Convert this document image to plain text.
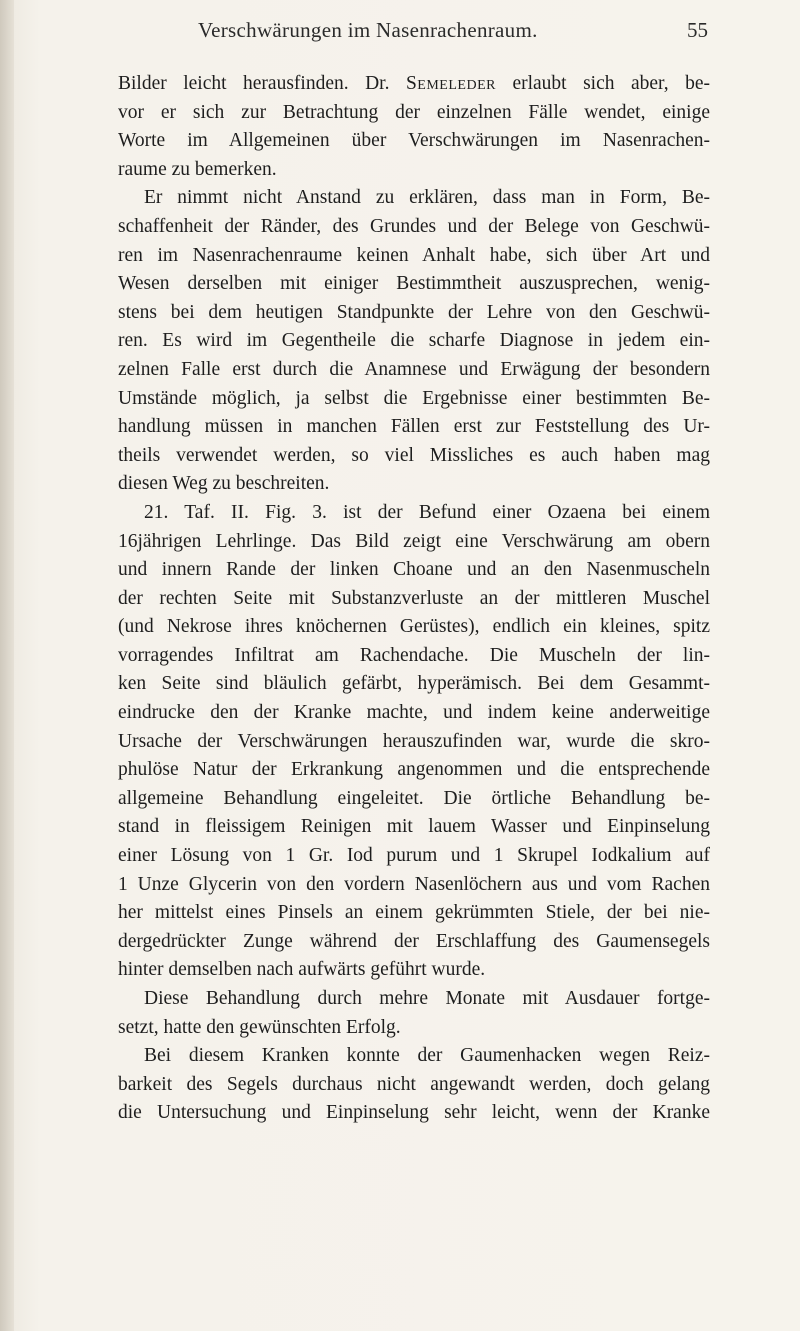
Verschwärungen im Nasenrachenraum.	55
Bilder leicht herausfinden. Dr. Semeleder erlaubt sich aber, be-
vor er sich zur Betrachtung der einzelnen Fälle wendet, einige
Worte im Allgemeinen über Verschwärungen im Nasenrachen-
raume zu bemerken.
Er nimmt nicht Anstand zu erklären, dass man in Form, Be-
schaffenheit der Ränder, des Grundes und der Belege von Geschwü-
ren im Nasenrachenraume keinen Anhalt habe, sich über Art und
Wesen derselben mit einiger Bestimmtheit auszusprechen, wenig-
stens bei dem heutigen Standpunkte der Lehre von den Geschwü-
ren. Es wird im Gegentheile die scharfe Diagnose in jedem ein-
zelnen Falle erst durch die Anamnese und Erwägung der besondern
Umstände möglich, ja selbst die Ergebnisse einer bestimmten Be-
handlung müssen in manchen Fällen erst zur Feststellung des Ur-
theils verwendet werden, so viel Missliches es auch haben mag
diesen Weg zu beschreiten.
21. Taf. II. Fig. 3. ist der Befund einer Ozaena bei einem
16jährigen Lehrlinge. Das Bild zeigt eine Verschwärung am obern
und innern Rande der linken Choane und an den Nasenmuscheln
der rechten Seite mit Substanzverluste an der mittleren Muschel
(und Nekrose ihres knöchernen Gerüstes), endlich ein kleines, spitz
vorragendes Infiltrat am Rachendache. Die Muscheln der lin-
ken Seite sind bläulich gefärbt, hyperämisch. Bei dem Gesammt-
eindrucke den der Kranke machte, und indem keine anderweitige
Ursache der Verschwärungen herauszufinden war, wurde die skro-
phulöse Natur der Erkrankung angenommen und die entsprechende
allgemeine Behandlung eingeleitet. Die örtliche Behandlung be-
stand in fleissigem Reinigen mit lauem Wasser und Einpinselung
einer Lösung von 1 Gr. Iod purum und 1 Skrupel Iodkalium auf
1 Unze Glycerin von den vordern Nasenlöchern aus und vom Rachen
her mittelst eines Pinsels an einem gekrümmten Stiele, der bei nie-
dergedrückter Zunge während der Erschlaffung des Gaumensegels
hinter demselben nach aufwärts geführt wurde.
Diese Behandlung durch mehre Monate mit Ausdauer fortge-
setzt, hatte den gewünschten Erfolg.
Bei diesem Kranken konnte der Gaumenhacken wegen Reiz-
barkeit des Segels durchaus nicht angewandt werden, doch gelang
die Untersuchung und Einpinselung sehr leicht, wenn der Kranke
